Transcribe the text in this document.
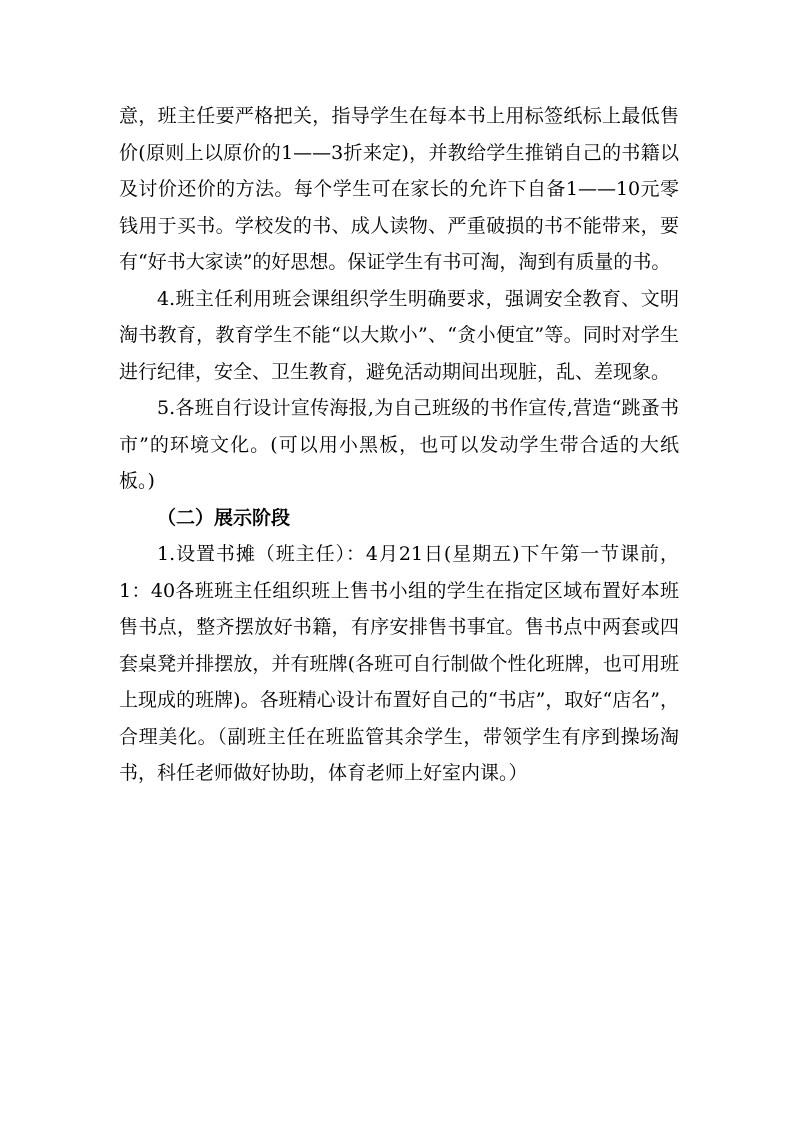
意，班主任要严格把关，指导学生在每本书上用标签纸标上最低售价(原则上以原价的1——3折来定)，并教给学生推销自己的书籍以及讨价还价的方法。每个学生可在家长的允许下自备1——10元零钱用于买书。学校发的书、成人读物、严重破损的书不能带来，要有“好书大家读”的好思想。保证学生有书可淘，淘到有质量的书。

4.班主任利用班会课组织学生明确要求，强调安全教育、文明淘书教育，教育学生不能“以大欺小”、“贪小便宜”等。同时对学生进行纪律，安全、卫生教育，避免活动期间出现脏，乱、差现象。

5.各班自行设计宣传海报,为自己班级的书作宣传,营造“跳蚤书市”的环境文化。(可以用小黑板，也可以发动学生带合适的大纸板。)

（二）展示阶段

1.设置书摊（班主任）：4月21日(星期五)下午第一节课前，1：40各班班主任组织班上售书小组的学生在指定区域布置好本班售书点，整齐摆放好书籍，有序安排售书事宜。售书点中两套或四套桌凳并排摆放，并有班牌(各班可自行制做个性化班牌，也可用班上现成的班牌)。各班精心设计布置好自己的“书店”，取好“店名”，合理美化。（副班主任在班监管其余学生，带领学生有序到操场淘书，科任老师做好协助，体育老师上好室内课。）
